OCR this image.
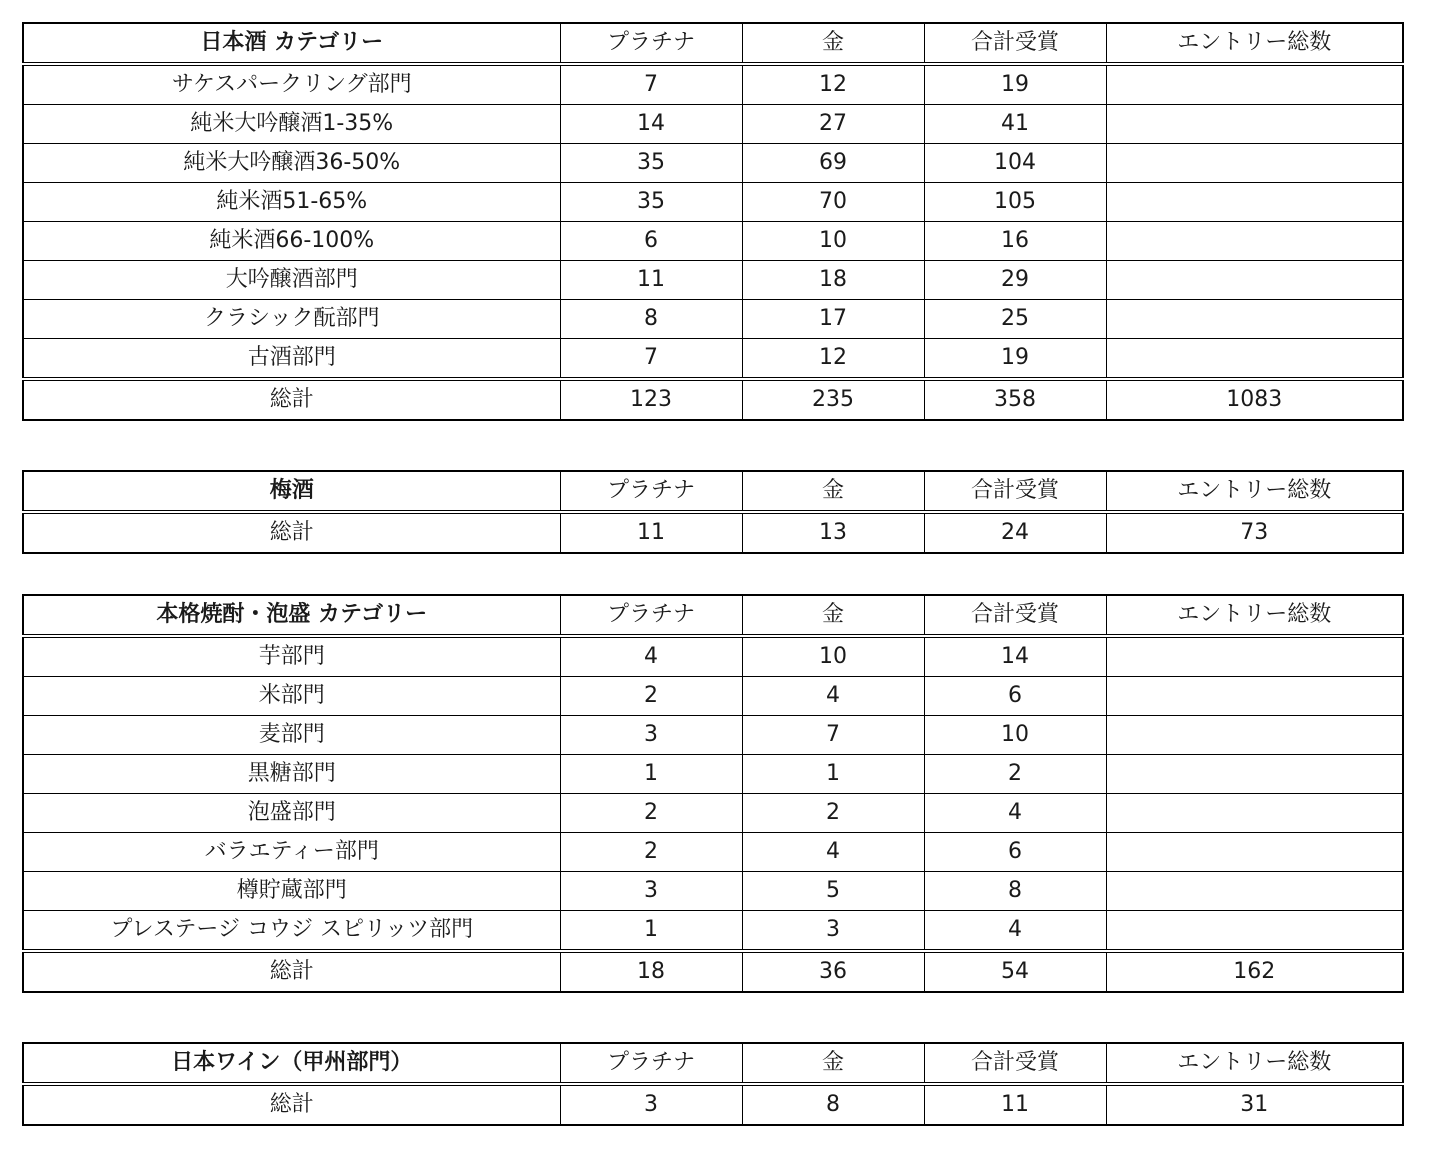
日本酒 カテゴリー	プラチナ	金	合計受賞	エントリー総数
サケスパークリング部門	7	12	19	
純米大吟醸酒1-35%	14	27	41	
純米大吟醸酒36-50%	35	69	104	
純米酒51-65%	35	70	105	
純米酒66-100%	6	10	16	
大吟醸酒部門	11	18	29	
クラシック酛部門	8	17	25	
古酒部門	7	12	19	
総計	123	235	358	1083
梅酒	プラチナ	金	合計受賞	エントリー総数
総計	11	13	24	73
本格焼酎・泡盛 カテゴリー	プラチナ	金	合計受賞	エントリー総数
芋部門	4	10	14	
米部門	2	4	6	
麦部門	3	7	10	
黒糖部門	1	1	2	
泡盛部門	2	2	4	
バラエティー部門	2	4	6	
樽貯蔵部門	3	5	8	
プレステージ コウジ スピリッツ部門	1	3	4	
総計	18	36	54	162
日本ワイン（甲州部門）	プラチナ	金	合計受賞	エントリー総数
総計	3	8	11	31
